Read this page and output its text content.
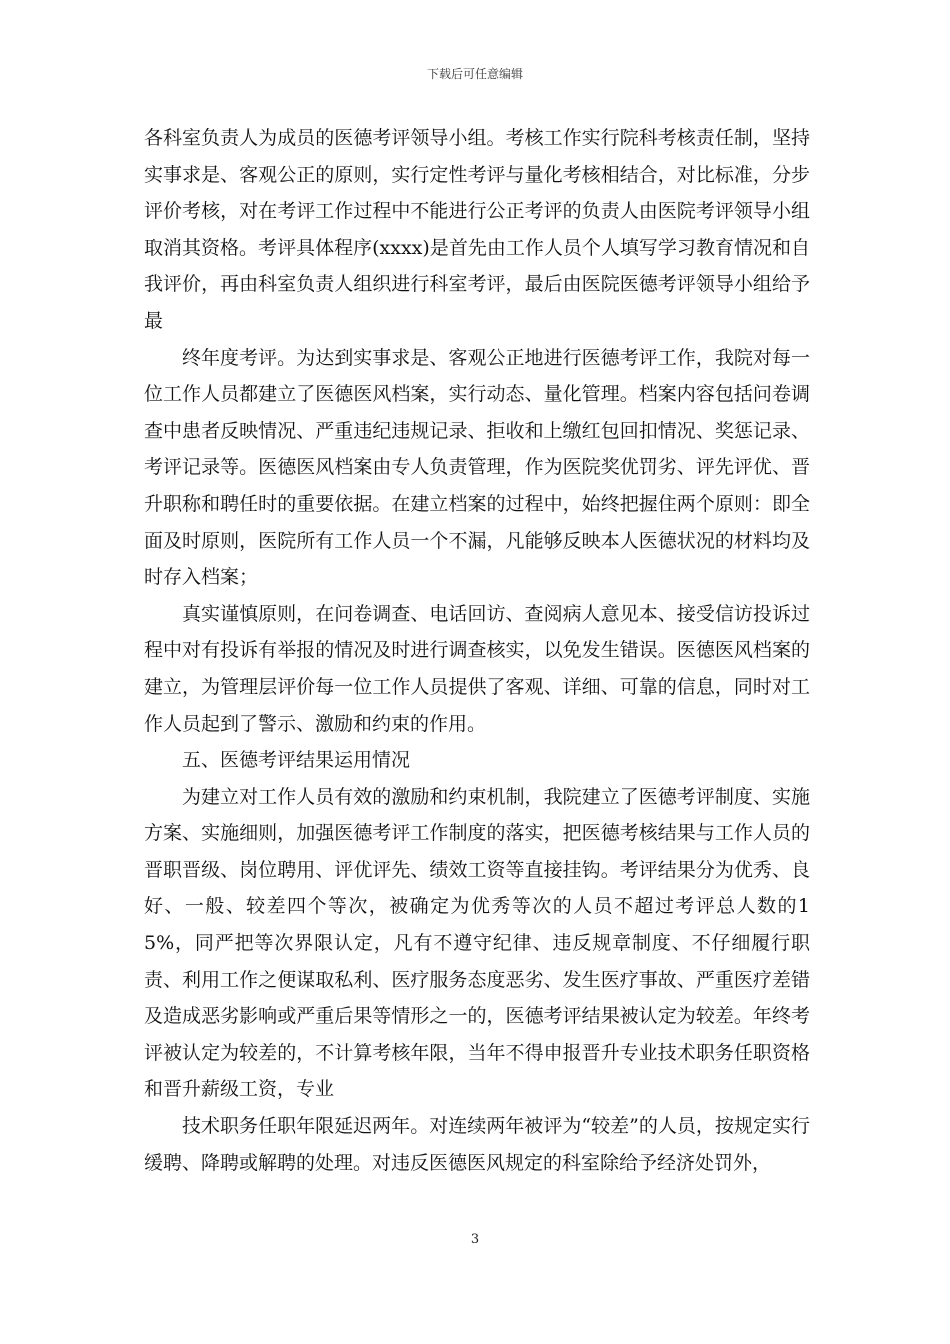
下载后可任意编辑

各科室负责人为成员的医德考评领导小组。考核工作实行院科考核责任制，坚持实事求是、客观公正的原则，实行定性考评与量化考核相结合，对比标准，分步评价考核，对在考评工作过程中不能进行公正考评的负责人由医院考评领导小组取消其资格。考评具体程序(xxxx)是首先由工作人员个人填写学习教育情况和自我评价，再由科室负责人组织进行科室考评，最后由医院医德考评领导小组给予最

终年度考评。为达到实事求是、客观公正地进行医德考评工作，我院对每一位工作人员都建立了医德医风档案，实行动态、量化管理。档案内容包括问卷调查中患者反映情况、严重违纪违规记录、拒收和上缴红包回扣情况、奖惩记录、考评记录等。医德医风档案由专人负责管理，作为医院奖优罚劣、评先评优、晋升职称和聘任时的重要依据。在建立档案的过程中，始终把握住两个原则：即全面及时原则，医院所有工作人员一个不漏，凡能够反映本人医德状况的材料均及时存入档案；

真实谨慎原则，在问卷调查、电话回访、查阅病人意见本、接受信访投诉过程中对有投诉有举报的情况及时进行调查核实，以免发生错误。医德医风档案的建立，为管理层评价每一位工作人员提供了客观、详细、可靠的信息，同时对工作人员起到了警示、激励和约束的作用。

五、医德考评结果运用情况

为建立对工作人员有效的激励和约束机制，我院建立了医德考评制度、实施方案、实施细则，加强医德考评工作制度的落实，把医德考核结果与工作人员的晋职晋级、岗位聘用、评优评先、绩效工资等直接挂钩。考评结果分为优秀、良好、一般、较差四个等次，被确定为优秀等次的人员不超过考评总人数的15%，同严把等次界限认定，凡有不遵守纪律、违反规章制度、不仔细履行职责、利用工作之便谋取私利、医疗服务态度恶劣、发生医疗事故、严重医疗差错及造成恶劣影响或严重后果等情形之一的，医德考评结果被认定为较差。年终考评被认定为较差的，不计算考核年限，当年不得申报晋升专业技术职务任职资格和晋升薪级工资，专业

技术职务任职年限延迟两年。对连续两年被评为“较差”的人员，按规定实行缓聘、降聘或解聘的处理。对违反医德医风规定的科室除给予经济处罚外，

3
